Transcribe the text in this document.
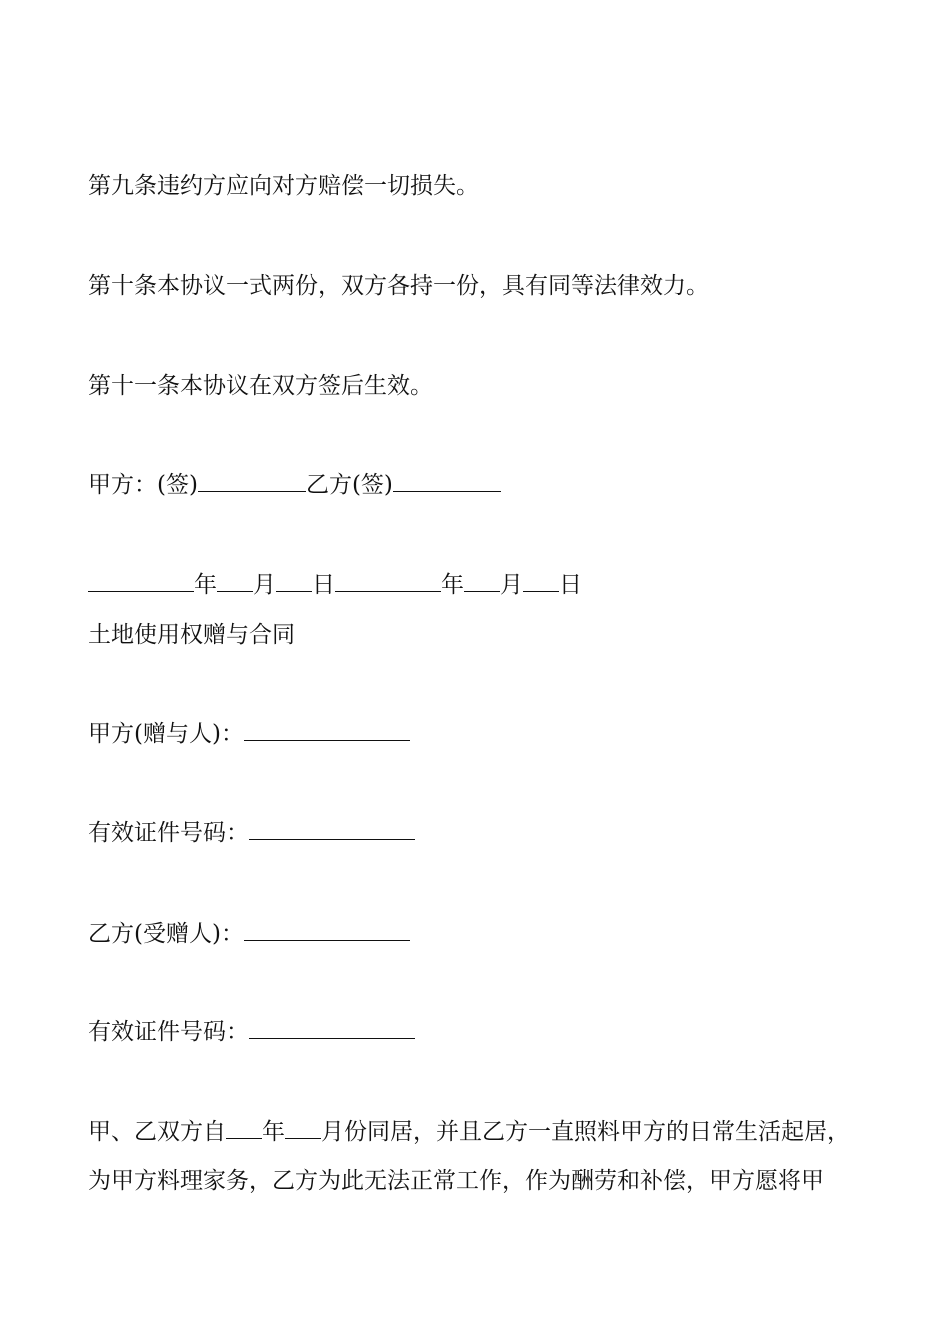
第九条违约方应向对方赔偿一切损失。
第十条本协议一式两份，双方各持一份，具有同等法律效力。
第十一条本协议在双方签后生效。
甲方：(签)	乙方(签)
年 月 日	年 月 日
土地使用权赠与合同
甲方(赠与人)：
有效证件号码：
乙方(受赠人)：
有效证件号码：
甲、乙双方自 年 月份同居，并且乙方一直照料甲方的日常生活起居，
为甲方料理家务，乙方为此无法正常工作，作为酬劳和补偿，甲方愿将甲
